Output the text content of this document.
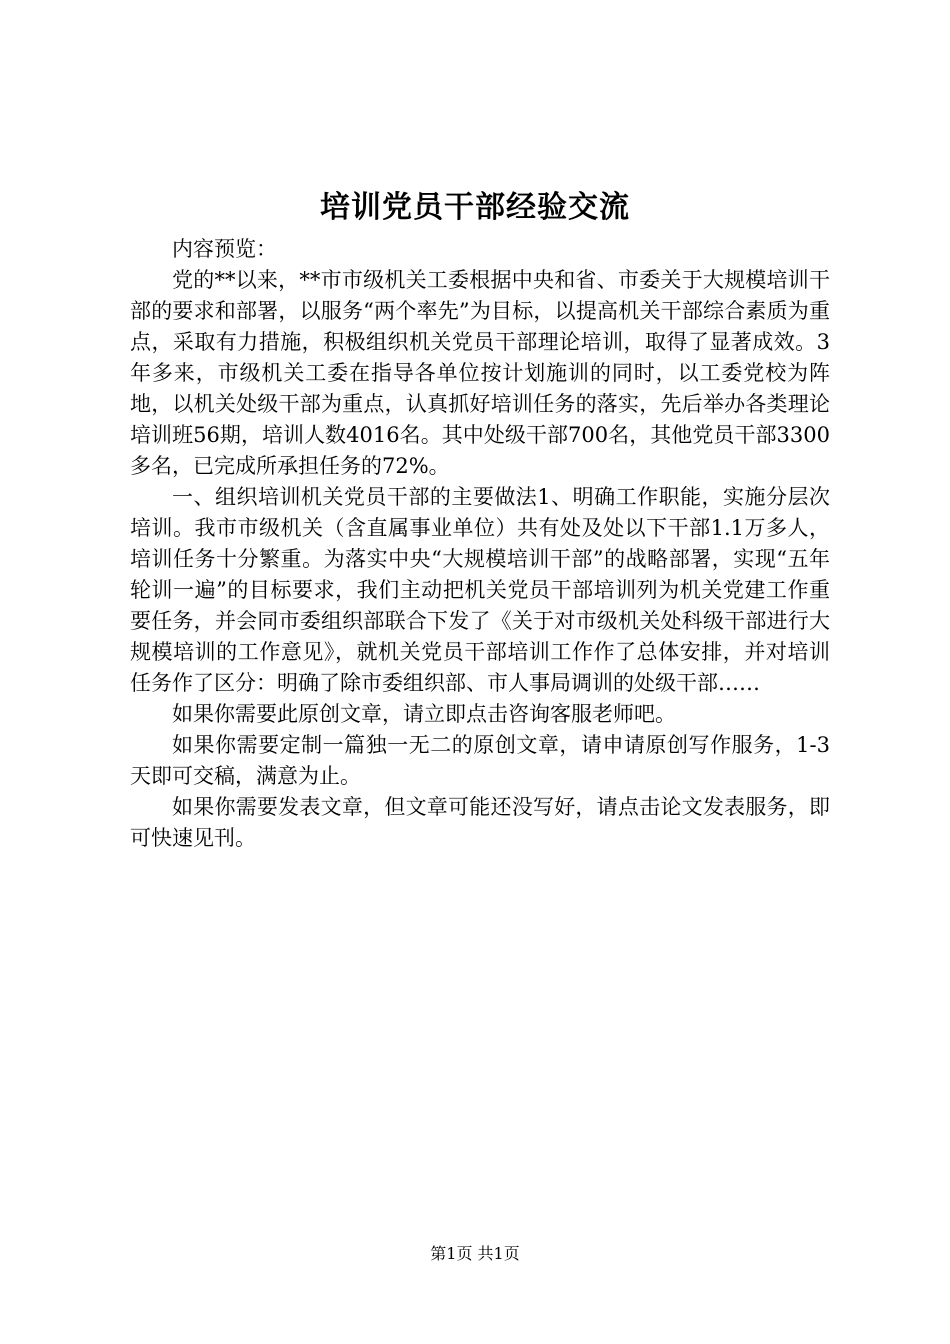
培训党员干部经验交流

内容预览：

党的**以来，**市市级机关工委根据中央和省、市委关于大规模培训干部的要求和部署，以服务“两个率先”为目标，以提高机关干部综合素质为重点，采取有力措施，积极组织机关党员干部理论培训，取得了显著成效。3年多来，市级机关工委在指导各单位按计划施训的同时，以工委党校为阵地，以机关处级干部为重点，认真抓好培训任务的落实，先后举办各类理论培训班56期，培训人数4016名。其中处级干部700名，其他党员干部3300多名，已完成所承担任务的72%。

一、组织培训机关党员干部的主要做法1、明确工作职能，实施分层次培训。我市市级机关（含直属事业单位）共有处及处以下干部1.1万多人，培训任务十分繁重。为落实中央“大规模培训干部”的战略部署，实现“五年轮训一遍”的目标要求，我们主动把机关党员干部培训列为机关党建工作重要任务，并会同市委组织部联合下发了《关于对市级机关处科级干部进行大规模培训的工作意见》，就机关党员干部培训工作作了总体安排，并对培训任务作了区分：明确了除市委组织部、市人事局调训的处级干部……

如果你需要此原创文章，请立即点击咨询客服老师吧。

如果你需要定制一篇独一无二的原创文章，请申请原创写作服务，1-3天即可交稿，满意为止。

如果你需要发表文章，但文章可能还没写好，请点击论文发表服务，即可快速见刊。

第1页 共1页
